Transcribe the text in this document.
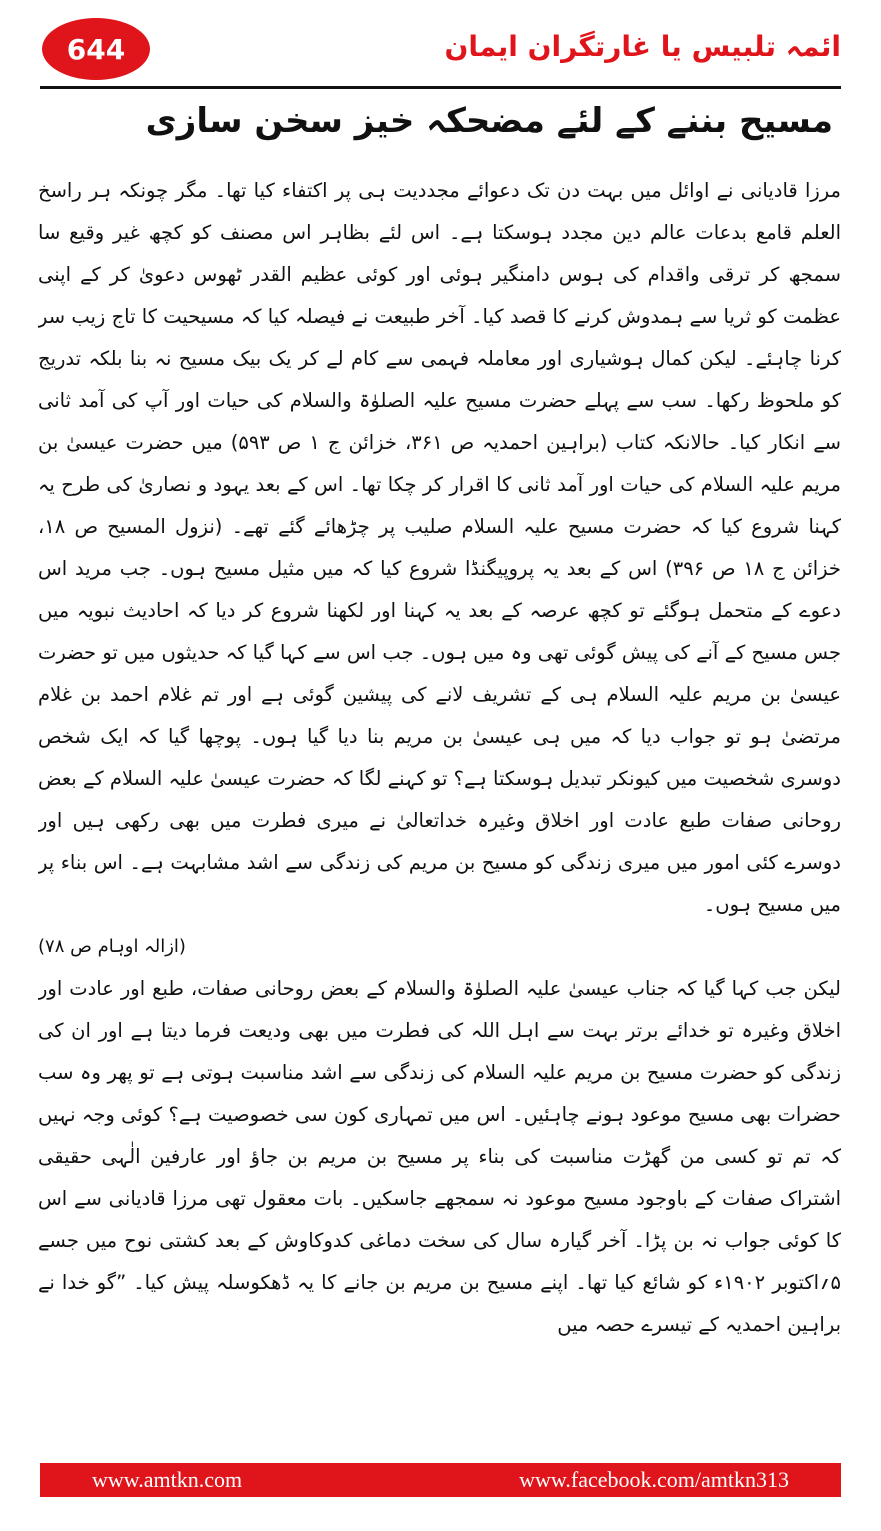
644	ائمہ تلبیس یا غارتگران ایمان
مسیح بننے کے لئے مضحکہ خیز سخن سازی

مرزا قادیانی نے اوائل میں بہت دن تک دعوائے مجددیت ہی پر اکتفاء کیا تھا۔ مگر چونکہ ہر راسخ العلم قامع بدعات عالم دین مجدد ہوسکتا ہے۔ اس لئے بظاہر اس مصنف کو کچھ غیر وقیع سا سمجھ کر ترقی واقدام کی ہوس دامنگیر ہوئی اور کوئی عظیم القدر ٹھوس دعویٰ کر کے اپنی عظمت کو ثریا سے ہمدوش کرنے کا قصد کیا۔ آخر طبیعت نے فیصلہ کیا کہ مسیحیت کا تاج زیب سر کرنا چاہئے۔ لیکن کمال ہوشیاری اور معاملہ فہمی سے کام لے کر یک بیک مسیح نہ بنا بلکہ تدریج کو ملحوظ رکھا۔ سب سے پہلے حضرت مسیح علیہ الصلوٰۃ والسلام کی حیات اور آپ کی آمد ثانی سے انکار کیا۔ حالانکہ کتاب (براہین احمدیہ ص ۳۶۱، خزائن ج ۱ ص ۵۹۳) میں حضرت عیسیٰ بن مریم علیہ السلام کی حیات اور آمد ثانی کا اقرار کر چکا تھا۔ اس کے بعد یہود و نصاریٰ کی طرح یہ کہنا شروع کیا کہ حضرت مسیح علیہ السلام صلیب پر چڑھائے گئے تھے۔ (نزول المسیح ص ۱۸، خزائن ج ۱۸ ص ۳۹۶) اس کے بعد یہ پروپیگنڈا شروع کیا کہ میں مثیل مسیح ہوں۔ جب مرید اس دعوے کے متحمل ہوگئے تو کچھ عرصہ کے بعد یہ کہنا اور لکھنا شروع کر دیا کہ احادیث نبویہ میں جس مسیح کے آنے کی پیش گوئی تھی وہ میں ہوں۔ جب اس سے کہا گیا کہ حدیثوں میں تو حضرت عیسیٰ بن مریم علیہ السلام ہی کے تشریف لانے کی پیشین گوئی ہے اور تم غلام احمد بن غلام مرتضیٰ ہو تو جواب دیا کہ میں ہی عیسیٰ بن مریم بنا دیا گیا ہوں۔ پوچھا گیا کہ ایک شخص دوسری شخصیت میں کیونکر تبدیل ہوسکتا ہے؟ تو کہنے لگا کہ حضرت عیسیٰ علیہ السلام کے بعض روحانی صفات طبع عادت اور اخلاق وغیرہ خداتعالیٰ نے میری فطرت میں بھی رکھی ہیں اور دوسرے کئی امور میں میری زندگی کو مسیح بن مریم کی زندگی سے اشد مشابہت ہے۔ اس بناء پر میں مسیح ہوں۔

(ازالہ اوہام ص ۷۸)

لیکن جب کہا گیا کہ جناب عیسیٰ علیہ الصلوٰۃ والسلام کے بعض روحانی صفات، طبع اور عادت اور اخلاق وغیرہ تو خدائے برتر بہت سے اہل اللہ کی فطرت میں بھی ودیعت فرما دیتا ہے اور ان کی زندگی کو حضرت مسیح بن مریم علیہ السلام کی زندگی سے اشد مناسبت ہوتی ہے تو پھر وہ سب حضرات بھی مسیح موعود ہونے چاہئیں۔ اس میں تمہاری کون سی خصوصیت ہے؟ کوئی وجہ نہیں کہ تم تو کسی من گھڑت مناسبت کی بناء پر مسیح بن مریم بن جاؤ اور عارفین الٰہی حقیقی اشتراک صفات کے باوجود مسیح موعود نہ سمجھے جاسکیں۔ بات معقول تھی مرزا قادیانی سے اس کا کوئی جواب نہ بن پڑا۔ آخر گیارہ سال کی سخت دماغی کدوکاوش کے بعد کشتی نوح میں جسے ۵؍اکتوبر ۱۹۰۲ء کو شائع کیا تھا۔ اپنے مسیح بن مریم بن جانے کا یہ ڈھکوسلہ پیش کیا۔ ”گو خدا نے براہین احمدیہ کے تیسرے حصہ میں

www.amtkn.com	www.facebook.com/amtkn313
